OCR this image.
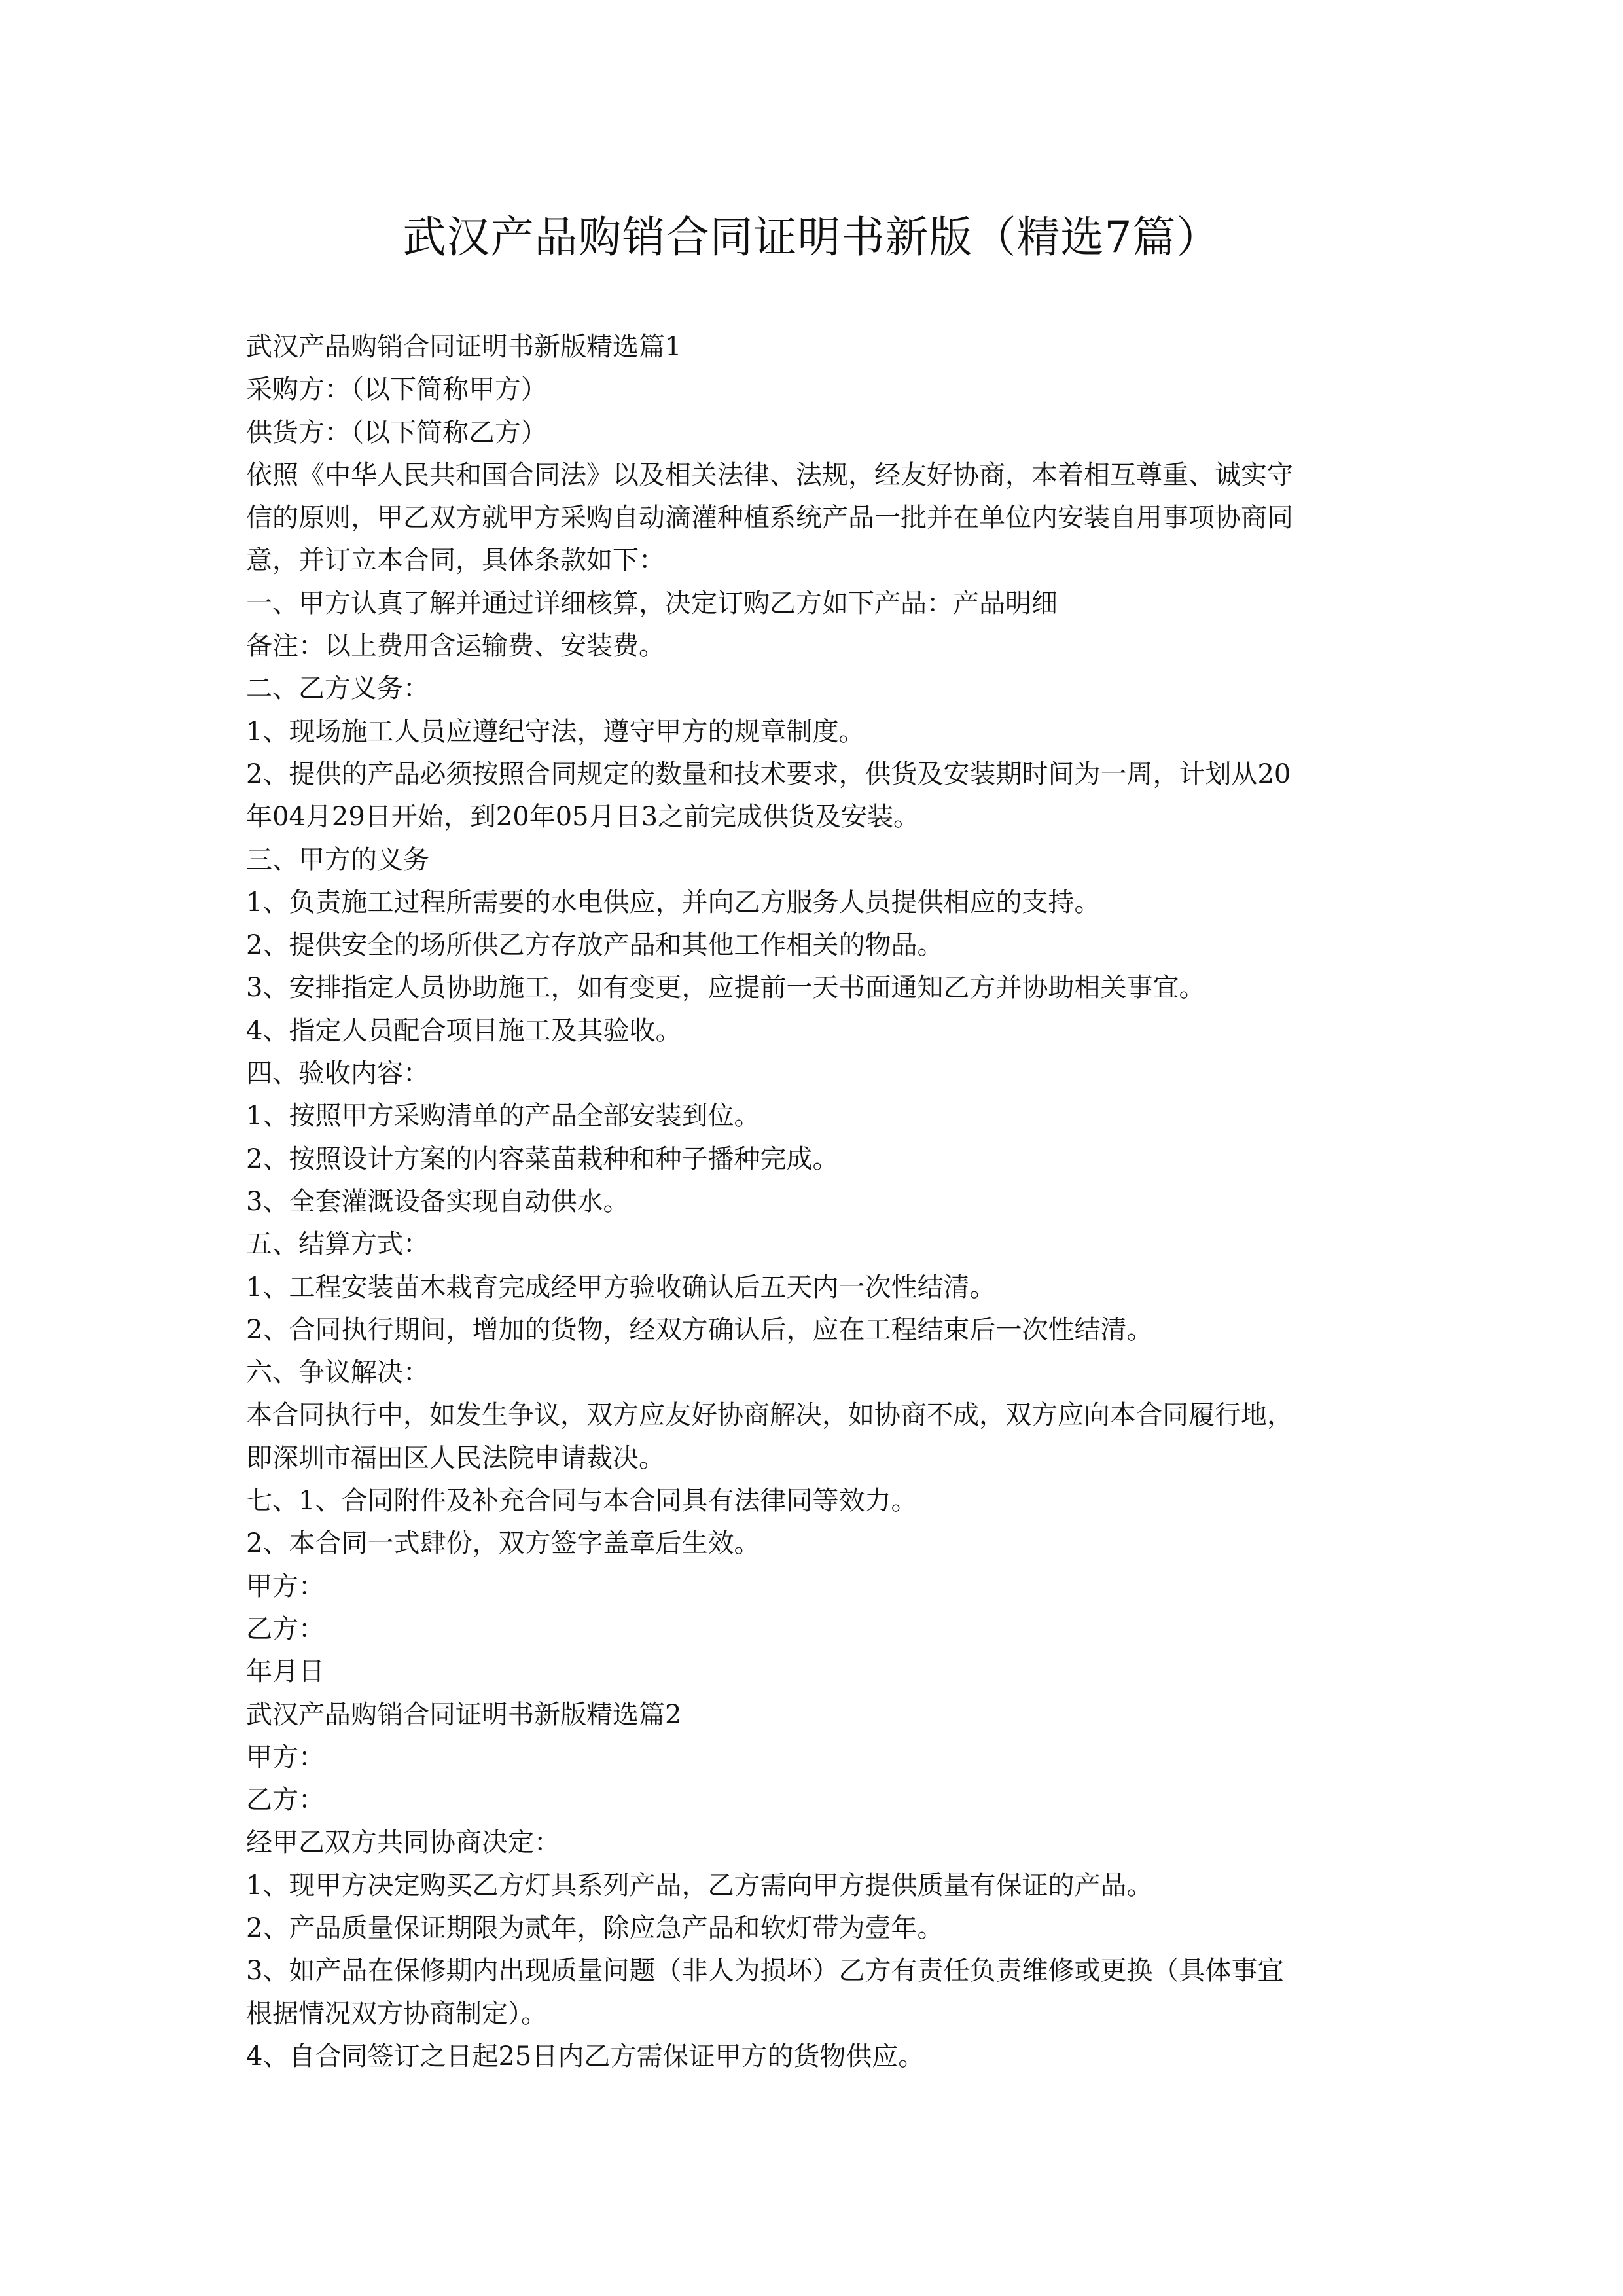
武汉产品购销合同证明书新版（精选7篇）

武汉产品购销合同证明书新版精选篇1

采购方：（以下简称甲方）

供货方：（以下简称乙方）

依照《中华人民共和国合同法》以及相关法律、法规，经友好协商，本着相互尊重、诚实守

信的原则，甲乙双方就甲方采购自动滴灌种植系统产品一批并在单位内安装自用事项协商同

意，并订立本合同，具体条款如下：

一、甲方认真了解并通过详细核算，决定订购乙方如下产品：产品明细

备注：以上费用含运输费、安装费。

二、乙方义务：

1、现场施工人员应遵纪守法，遵守甲方的规章制度。

2、提供的产品必须按照合同规定的数量和技术要求，供货及安装期时间为一周，计划从20

年04月29日开始，到20年05月日3之前完成供货及安装。

三、甲方的义务

1、负责施工过程所需要的水电供应，并向乙方服务人员提供相应的支持。

2、提供安全的场所供乙方存放产品和其他工作相关的物品。

3、安排指定人员协助施工，如有变更，应提前一天书面通知乙方并协助相关事宜。

4、指定人员配合项目施工及其验收。

四、验收内容：

1、按照甲方采购清单的产品全部安装到位。

2、按照设计方案的内容菜苗栽种和种子播种完成。

3、全套灌溉设备实现自动供水。

五、结算方式：

1、工程安装苗木栽育完成经甲方验收确认后五天内一次性结清。

2、合同执行期间，增加的货物，经双方确认后，应在工程结束后一次性结清。

六、争议解决：

本合同执行中，如发生争议，双方应友好协商解决，如协商不成，双方应向本合同履行地，

即深圳市福田区人民法院申请裁决。

七、1、合同附件及补充合同与本合同具有法律同等效力。

2、本合同一式肆份，双方签字盖章后生效。

甲方：

乙方：

年月日

武汉产品购销合同证明书新版精选篇2

甲方：

乙方：

经甲乙双方共同协商决定：

1、现甲方决定购买乙方灯具系列产品，乙方需向甲方提供质量有保证的产品。

2、产品质量保证期限为贰年，除应急产品和软灯带为壹年。

3、如产品在保修期内出现质量问题（非人为损坏）乙方有责任负责维修或更换（具体事宜

根据情况双方协商制定）。

4、自合同签订之日起25日内乙方需保证甲方的货物供应。
